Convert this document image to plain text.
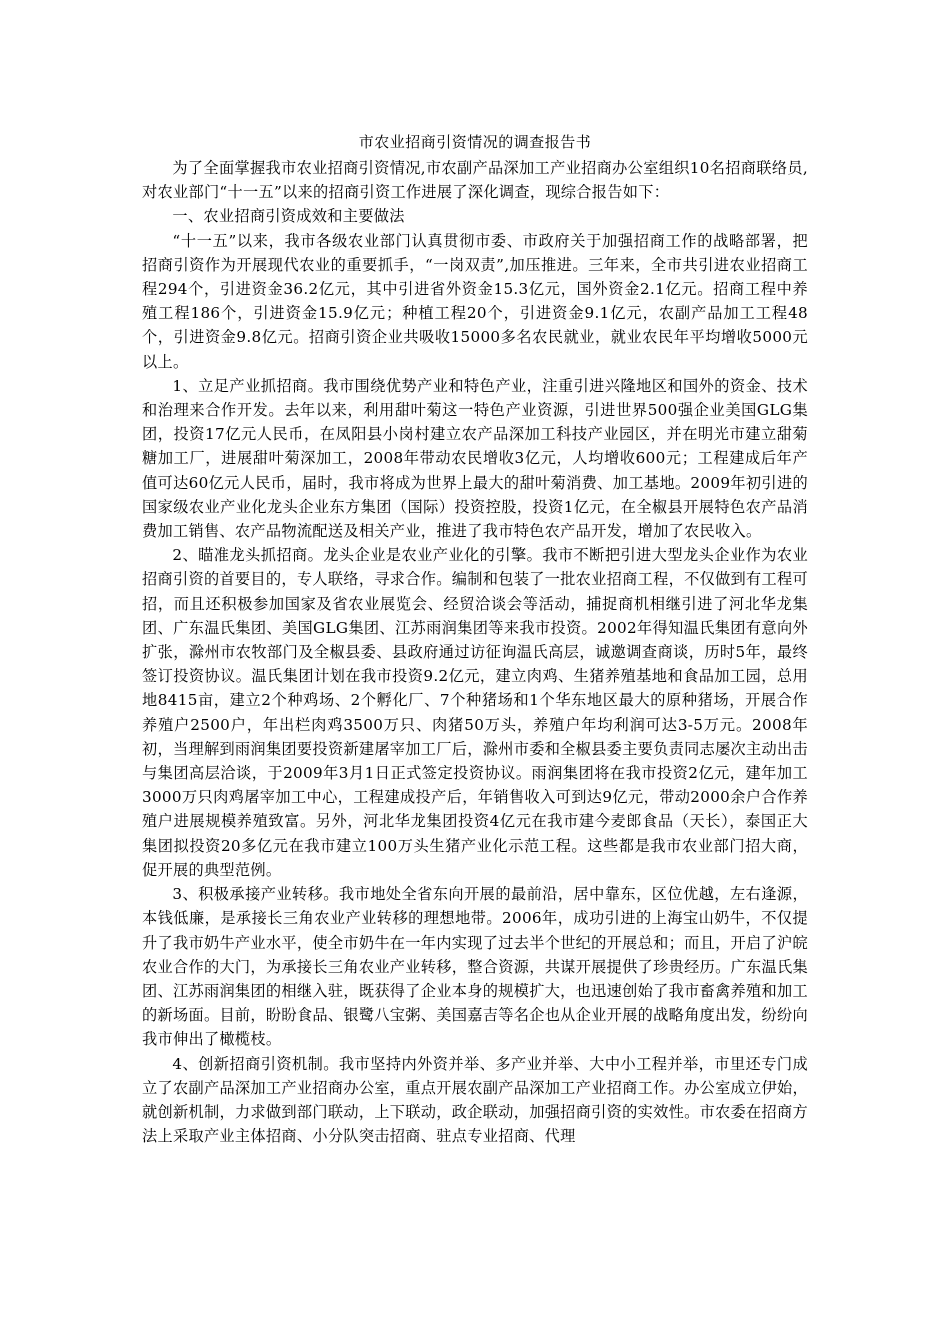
市农业招商引资情况的调查报告书

为了全面掌握我市农业招商引资情况,市农副产品深加工产业招商办公室组织10名招商联络员,对农业部门“十一五”以来的招商引资工作进展了深化调查，现综合报告如下：

一、农业招商引资成效和主要做法

“十一五”以来，我市各级农业部门认真贯彻市委、市政府关于加强招商工作的战略部署，把招商引资作为开展现代农业的重要抓手，“一岗双责”,加压推进。三年来，全市共引进农业招商工程294个，引进资金36.2亿元，其中引进省外资金15.3亿元，国外资金2.1亿元。招商工程中养殖工程186个，引进资金15.9亿元；种植工程20个，引进资金9.1亿元，农副产品加工工程48个，引进资金9.8亿元。招商引资企业共吸收15000多名农民就业，就业农民年平均增收5000元以上。

1、立足产业抓招商。我市围绕优势产业和特色产业，注重引进兴隆地区和国外的资金、技术和治理来合作开发。去年以来，利用甜叶菊这一特色产业资源，引进世界500强企业美国GLG集团，投资17亿元人民币，在凤阳县小岗村建立农产品深加工科技产业园区，并在明光市建立甜菊糖加工厂，进展甜叶菊深加工，2008年带动农民增收3亿元，人均增收600元；工程建成后年产值可达60亿元人民币，届时，我市将成为世界上最大的甜叶菊消费、加工基地。2009年初引进的国家级农业产业化龙头企业东方集团（国际）投资控股，投资1亿元，在全椒县开展特色农产品消费加工销售、农产品物流配送及相关产业，推进了我市特色农产品开发，增加了农民收入。

2、瞄准龙头抓招商。龙头企业是农业产业化的引擎。我市不断把引进大型龙头企业作为农业招商引资的首要目的，专人联络，寻求合作。编制和包装了一批农业招商工程，不仅做到有工程可招，而且还积极参加国家及省农业展览会、经贸洽谈会等活动，捕捉商机相继引进了河北华龙集团、广东温氏集团、美国GLG集团、江苏雨润集团等来我市投资。2002年得知温氏集团有意向外扩张，滁州市农牧部门及全椒县委、县政府通过访征询温氏高层，诚邀调查商谈，历时5年，最终签订投资协议。温氏集团计划在我市投资9.2亿元，建立肉鸡、生猪养殖基地和食品加工园，总用地8415亩，建立2个种鸡场、2个孵化厂、7个种猪场和1个华东地区最大的原种猪场，开展合作养殖户2500户，年出栏肉鸡3500万只、肉猪50万头，养殖户年均利润可达3-5万元。2008年初，当理解到雨润集团要投资新建屠宰加工厂后，滁州市委和全椒县委主要负责同志屡次主动出击与集团高层洽谈，于2009年3月1日正式签定投资协议。雨润集团将在我市投资2亿元，建年加工3000万只肉鸡屠宰加工中心，工程建成投产后，年销售收入可到达9亿元，带动2000余户合作养殖户进展规模养殖致富。另外，河北华龙集团投资4亿元在我市建今麦郎食品（天长），泰国正大集团拟投资20多亿元在我市建立100万头生猪产业化示范工程。这些都是我市农业部门招大商，促开展的典型范例。

3、积极承接产业转移。我市地处全省东向开展的最前沿，居中靠东，区位优越，左右逢源，本钱低廉，是承接长三角农业产业转移的理想地带。2006年，成功引进的上海宝山奶牛，不仅提升了我市奶牛产业水平，使全市奶牛在一年内实现了过去半个世纪的开展总和；而且，开启了沪皖农业合作的大门，为承接长三角农业产业转移，整合资源，共谋开展提供了珍贵经历。广东温氏集团、江苏雨润集团的相继入驻，既获得了企业本身的规模扩大，也迅速创始了我市畜禽养殖和加工的新场面。目前，盼盼食品、银鹭八宝粥、美国嘉吉等名企也从企业开展的战略角度出发，纷纷向我市伸出了橄榄枝。

4、创新招商引资机制。我市坚持内外资并举、多产业并举、大中小工程并举，市里还专门成立了农副产品深加工产业招商办公室，重点开展农副产品深加工产业招商工作。办公室成立伊始，就创新机制，力求做到部门联动，上下联动，政企联动，加强招商引资的实效性。市农委在招商方法上采取产业主体招商、小分队突击招商、驻点专业招商、代理
